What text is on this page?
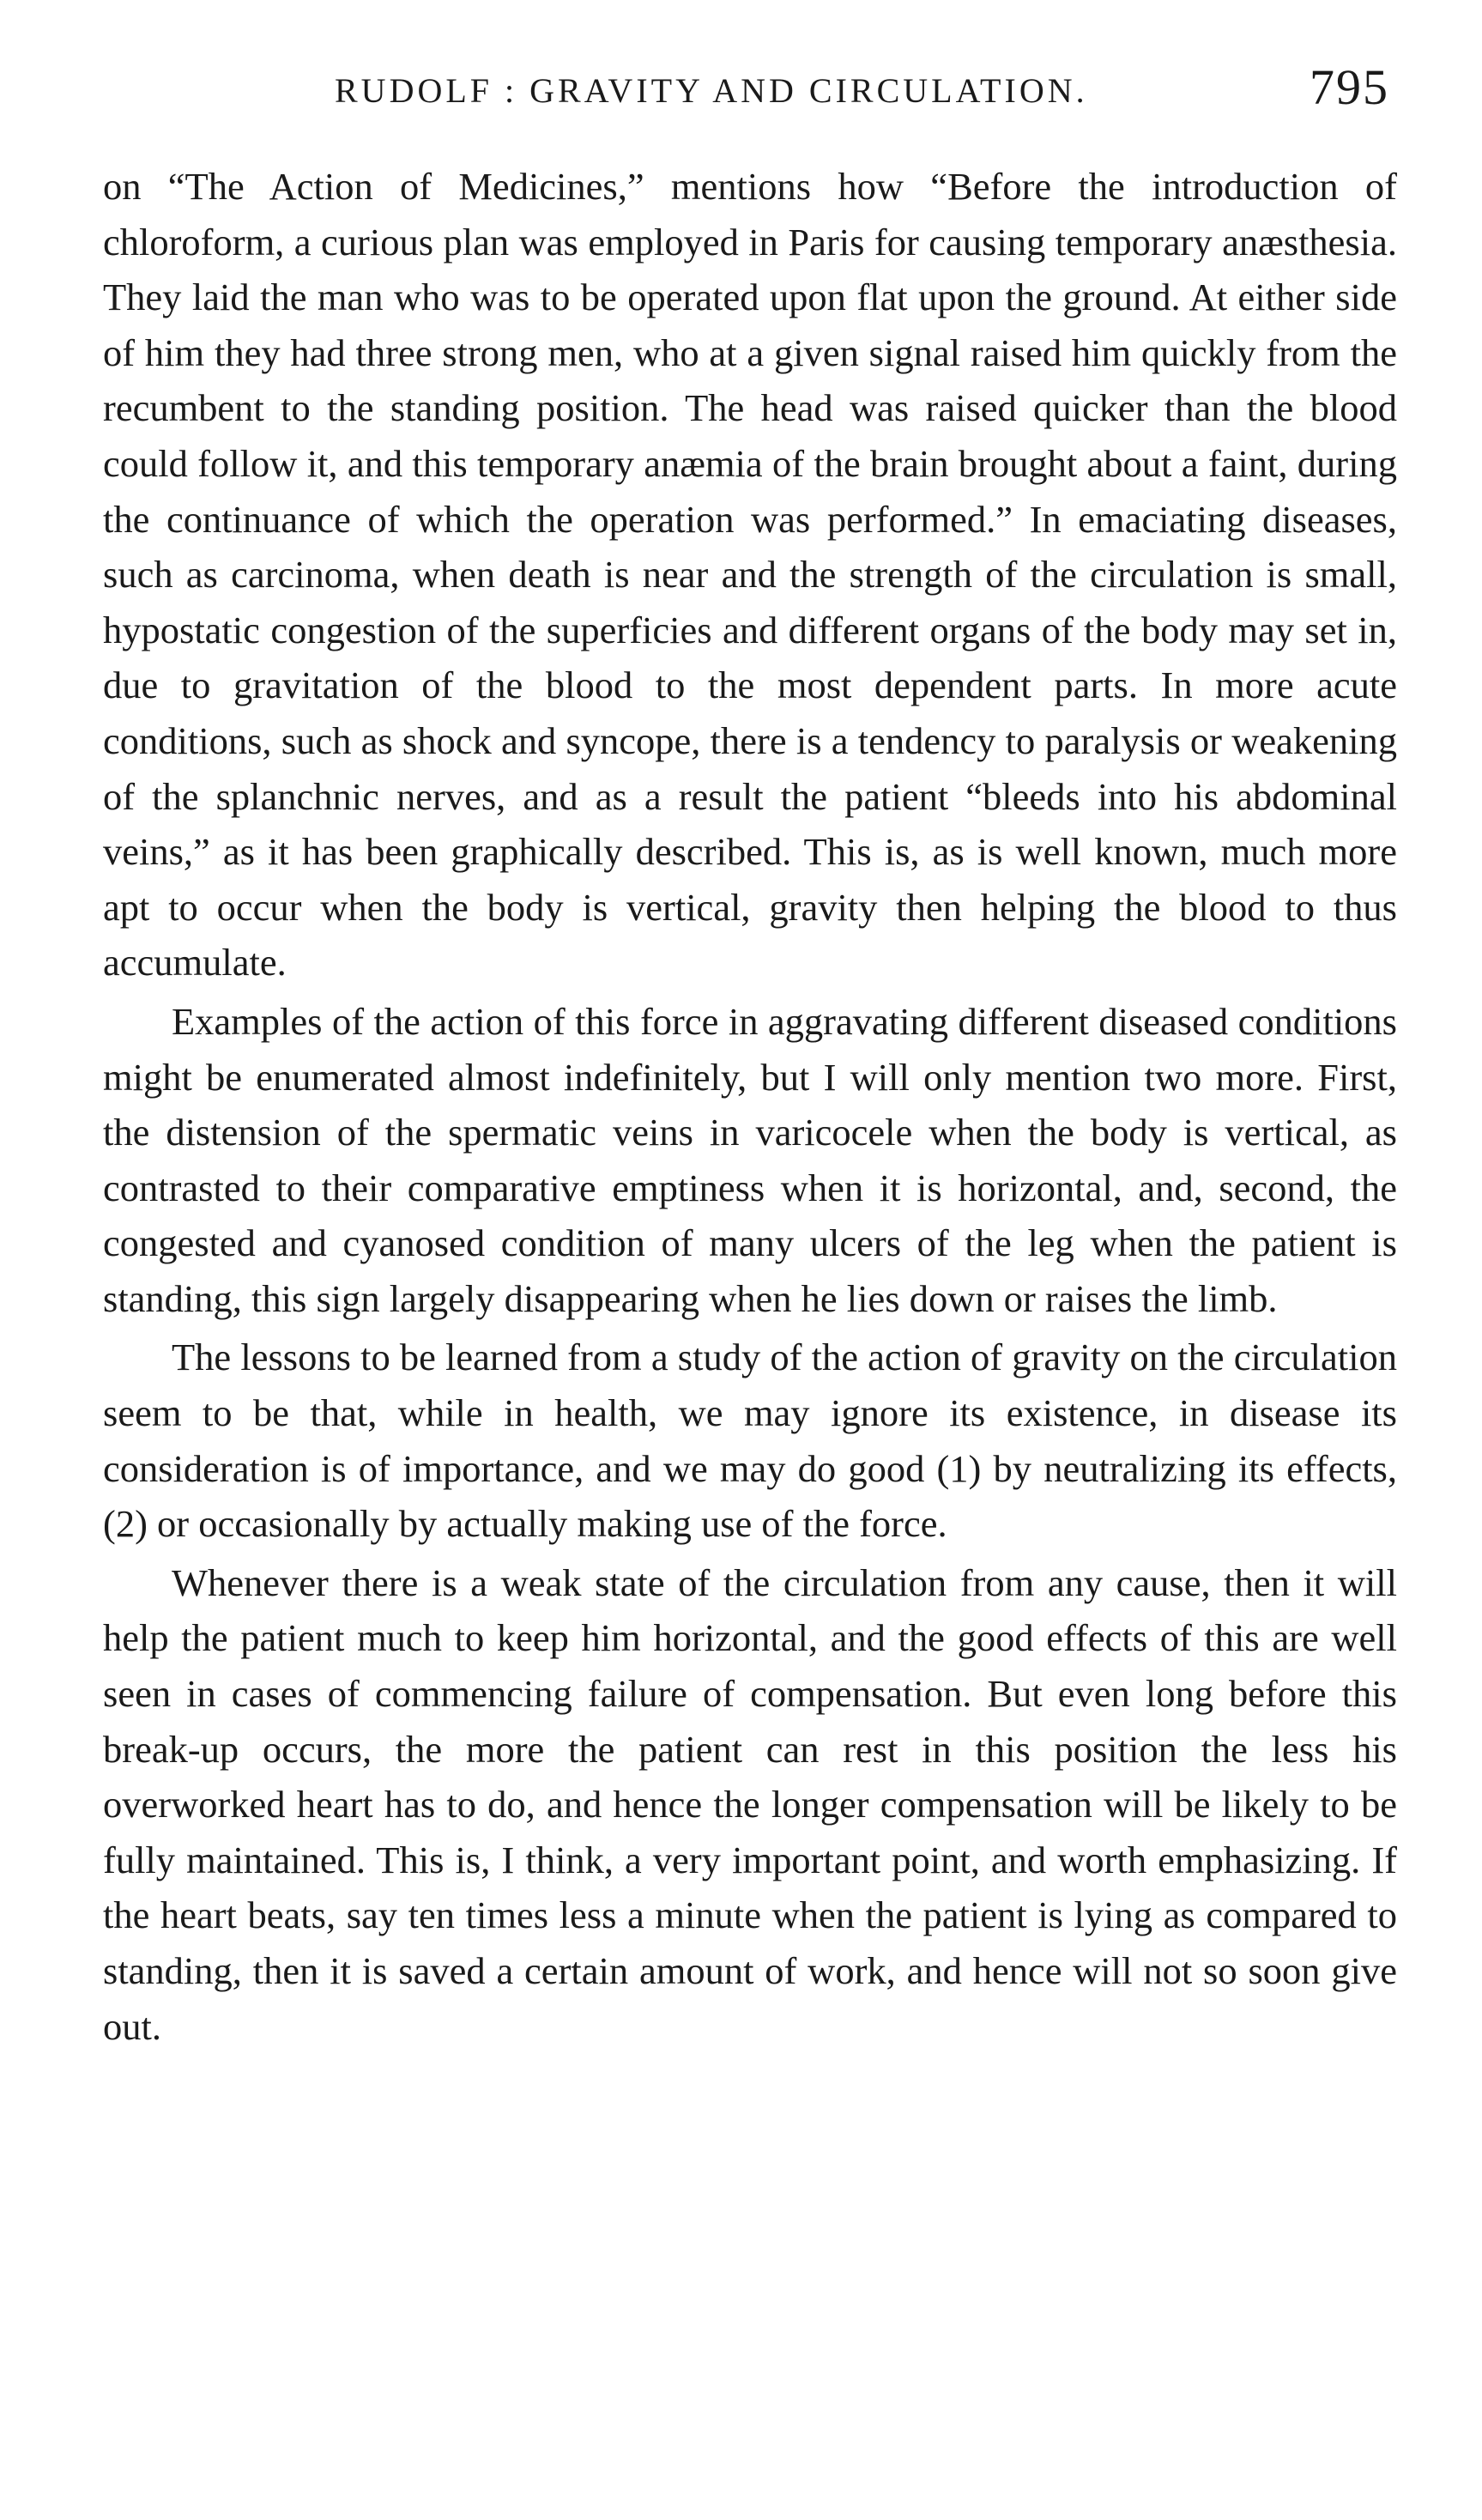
RUDOLF : GRAVITY AND CIRCULATION.	795

on “The Action of Medicines,” mentions how “Before the introduction of chloroform, a curious plan was employed in Paris for causing temporary anæsthesia. They laid the man who was to be operated upon flat upon the ground. At either side of him they had three strong men, who at a given signal raised him quickly from the recumbent to the standing position. The head was raised quicker than the blood could follow it, and this temporary anæmia of the brain brought about a faint, during the continuance of which the operation was performed.” In emaciating diseases, such as carcinoma, when death is near and the strength of the circulation is small, hypostatic congestion of the superficies and different organs of the body may set in, due to gravitation of the blood to the most dependent parts. In more acute conditions, such as shock and syncope, there is a tendency to paralysis or weakening of the splanchnic nerves, and as a result the patient “bleeds into his abdominal veins,” as it has been graphically described. This is, as is well known, much more apt to occur when the body is vertical, gravity then helping the blood to thus accumulate.

Examples of the action of this force in aggravating different diseased conditions might be enumerated almost indefinitely, but I will only mention two more. First, the distension of the spermatic veins in varicocele when the body is vertical, as contrasted to their comparative emptiness when it is horizontal, and, second, the congested and cyanosed condition of many ulcers of the leg when the patient is standing, this sign largely disappearing when he lies down or raises the limb.

The lessons to be learned from a study of the action of gravity on the circulation seem to be that, while in health, we may ignore its existence, in disease its consideration is of importance, and we may do good (1) by neutralizing its effects, (2) or occasionally by actually making use of the force.

Whenever there is a weak state of the circulation from any cause, then it will help the patient much to keep him horizontal, and the good effects of this are well seen in cases of commencing failure of compensation. But even long before this break-up occurs, the more the patient can rest in this position the less his overworked heart has to do, and hence the longer compensation will be likely to be fully maintained. This is, I think, a very important point, and worth emphasizing. If the heart beats, say ten times less a minute when the patient is lying as compared to standing, then it is saved a certain amount of work, and hence will not so soon give out.
